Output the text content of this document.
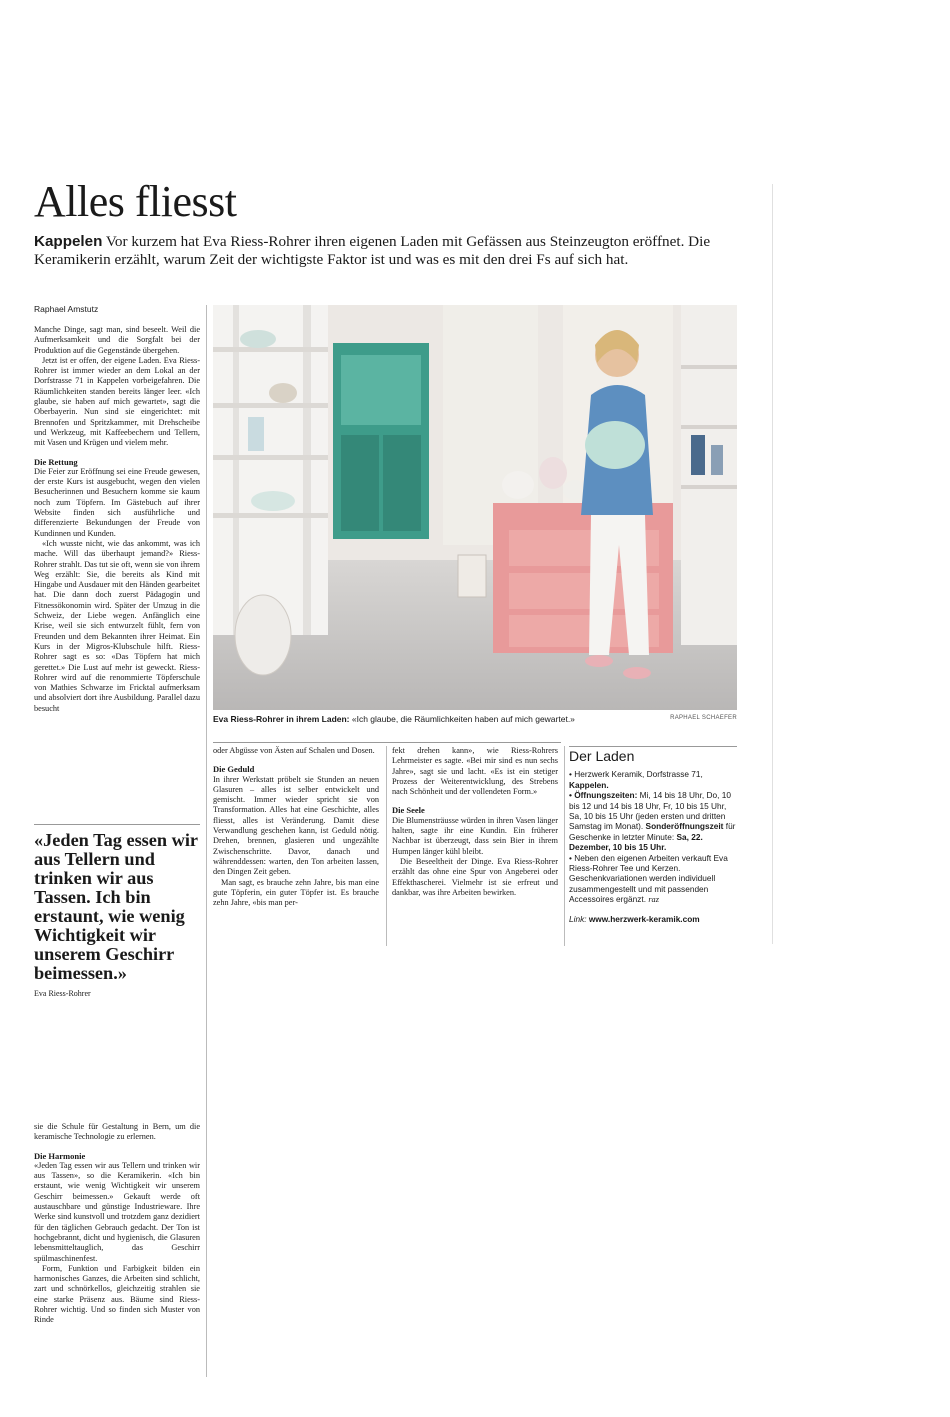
Alles fliesst
Kappelen Vor kurzem hat Eva Riess-Rohrer ihren eigenen Laden mit Gefässen aus Steinzeugton eröffnet. Die Keramikerin erzählt, warum Zeit der wichtigste Faktor ist und was es mit den drei Fs auf sich hat.
Raphael Amstutz

Manche Dinge, sagt man, sind beseelt. Weil die Aufmerksamkeit und die Sorgfalt bei der Produktion auf die Gegenstände übergehen.

Jetzt ist er offen, der eigene Laden. Eva Riess-Rohrer ist immer wieder an dem Lokal an der Dorfstrasse 71 in Kappelen vorbeigefahren. Die Räumlichkeiten standen bereits länger leer. «Ich glaube, sie haben auf mich gewartet», sagt die Oberbayerin. Nun sind sie eingerichtet: mit Brennofen und Spritzkammer, mit Drehscheibe und Werkzeug, mit Kaffeebechern und Tellern, mit Vasen und Krügen und vielem mehr.

Die Rettung

Die Feier zur Eröffnung sei eine Freude gewesen, der erste Kurs ist ausgebucht, wegen den vielen Besucherinnen und Besuchern komme sie kaum noch zum Töpfern. Im Gästebuch auf ihrer Website finden sich ausführliche und differenzierte Bekundungen der Freude von Kundinnen und Kunden.

«Ich wusste nicht, wie das ankommt, was ich mache. Will das überhaupt jemand?» Riess-Rohrer strahlt. Das tut sie oft, wenn sie von ihrem Weg erzählt: Sie, die bereits als Kind mit Hingabe und Ausdauer mit den Händen gearbeitet hat. Die dann doch zuerst Pädagogin und Fitnessökonomin wird. Später der Umzug in die Schweiz, der Liebe wegen. Anfänglich eine Krise, weil sie sich entwurzelt fühlt, fern von Freunden und dem Bekannten ihrer Heimat. Ein Kurs in der Migros-Klubschule hilft. Riess-Rohrer sagt es so: «Das Töpfern hat mich gerettet.» Die Lust auf mehr ist geweckt. Riess-Rohrer wird auf die renommierte Töpferschule von Mathies Schwarze im Fricktal aufmerksam und absolviert dort ihre Ausbildung. Parallel dazu besucht

«Jeden Tag essen wir aus Tellern und trinken wir aus Tassen. Ich bin erstaunt, wie wenig Wichtigkeit wir unserem Geschirr beimessen.»
Eva Riess-Rohrer

sie die Schule für Gestaltung in Bern, um die keramische Technologie zu erlernen.

Die Harmonie

«Jeden Tag essen wir aus Tellern und trinken wir aus Tassen», so die Keramikerin. «Ich bin erstaunt, wie wenig Wichtigkeit wir unserem Geschirr beimessen.» Gekauft werde oft austauschbare und günstige Industrieware. Ihre Werke sind kunstvoll und trotzdem ganz dezidiert für den täglichen Gebrauch gedacht. Der Ton ist hochgebrannt, dicht und hygienisch, die Glasuren lebensmitteltauglich, das Geschirr spülmaschinenfest.

Form, Funktion und Farbigkeit bilden ein harmonisches Ganzes, die Arbeiten sind schlicht, zart und schnörkellos, gleichzeitig strahlen sie eine starke Präsenz aus. Bäume sind Riess-Rohrer wichtig. Und so finden sich Muster von Rinde

Eva Riess-Rohrer in ihrem Laden: «Ich glaube, die Räumlichkeiten haben auf mich gewartet.»	RAPHAEL SCHAEFER

oder Abgüsse von Ästen auf Schalen und Dosen.

Die Geduld

In ihrer Werkstatt pröbelt sie Stunden an neuen Glasuren – alles ist selber entwickelt und gemischt. Immer wieder spricht sie von Transformation. Alles hat eine Geschichte, alles fliesst, alles ist Veränderung. Damit diese Verwandlung geschehen kann, ist Geduld nötig. Drehen, brennen, glasieren und ungezählte Zwischenschritte. Davor, danach und währenddessen: warten, den Ton arbeiten lassen, den Dingen Zeit geben.

Man sagt, es brauche zehn Jahre, bis man eine gute Töpferin, ein guter Töpfer ist. Es brauche zehn Jahre, «bis man per-

fekt drehen kann», wie Riess-Rohrers Lehrmeister es sagte. «Bei mir sind es nun sechs Jahre», sagt sie und lacht. «Es ist ein stetiger Prozess der Weiterentwicklung, des Strebens nach Schönheit und der vollendeten Form.»

Die Seele

Die Blumensträusse würden in ihren Vasen länger halten, sagte ihr eine Kundin. Ein früherer Nachbar ist überzeugt, dass sein Bier in ihrem Humpen länger kühl bleibt.

Die Beseeltheit der Dinge. Eva Riess-Rohrer erzählt das ohne eine Spur von Angeberei oder Effekthascherei. Vielmehr ist sie erfreut und dankbar, was ihre Arbeiten bewirken.

Der Laden

• Herzwerk Keramik, Dorfstrasse 71, Kappelen.

• Öffnungszeiten: Mi, 14 bis 18 Uhr, Do, 10 bis 12 und 14 bis 18 Uhr, Fr, 10 bis 15 Uhr, Sa, 10 bis 15 Uhr (jeden ersten und dritten Samstag im Monat). Sonderöffnungszeit für Geschenke in letzter Minute: Sa, 22. Dezember, 10 bis 15 Uhr.

• Neben den eigenen Arbeiten verkauft Eva Riess-Rohrer Tee und Kerzen. Geschenkvariationen werden individuell zusammengestellt und mit passenden Accessoires ergänzt. raz

Link: www.herzwerk-keramik.com
